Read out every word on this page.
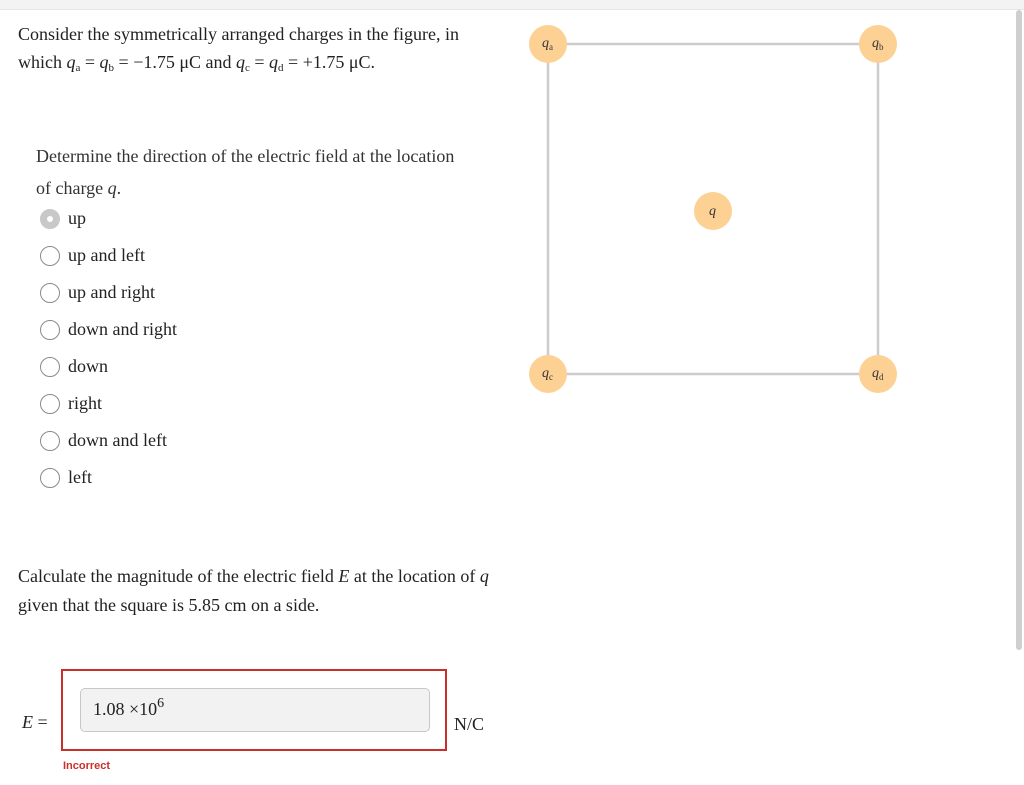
Consider the symmetrically arranged charges in the figure, in
which $q_a = q_b = -1.75$ μC and $q_c = q_d = +1.75$ μC.
Determine the direction of the electric field at the location of charge q.
up
up and left
up and right
down and right
down
right
down and left
left
Calculate the magnitude of the electric field E at the location of q given that the square is 5.85 cm on a side.
E =
$1.08 \times 10^6$
N/C
Incorrect
$q_a$	$q_b$
q
$q_c$	$q_d$
